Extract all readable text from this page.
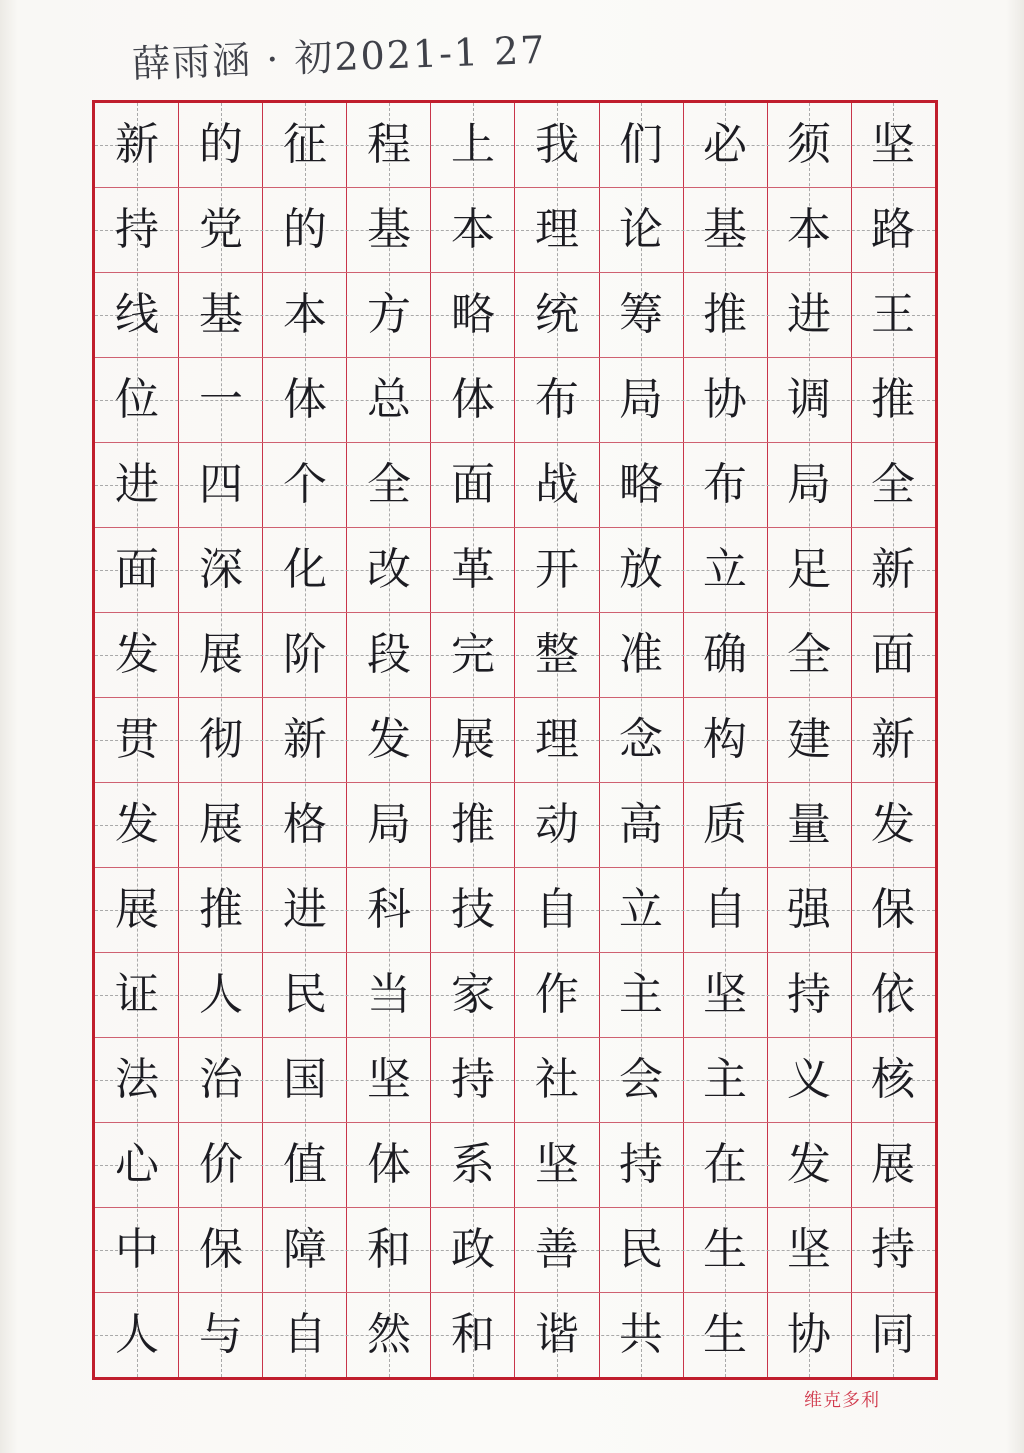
薛雨涵 · 初2021-1 27
坚
路
王
推
全
新
面
新
发
保
依
核
展
持
同
须
本
进
调
局
足
全
建
量
强
持
义
发
坚
协
必
基
推
协
布
立
确
构
质
自
坚
主
在
生
生
们
论
筹
局
略
放
准
念
高
立
主
会
持
民
共
我
理
统
布
战
开
整
理
动
自
作
社
坚
善
谐
上
本
略
体
面
革
完
展
推
技
家
持
系
政
和
程
基
方
总
全
改
段
发
局
科
当
坚
体
和
然
征
的
本
体
个
化
阶
新
格
进
民
国
值
障
自
的
党
基
一
四
深
展
彻
展
推
人
治
价
保
与
新
持
线
位
进
面
发
贯
发
展
证
法
心
中
人
维克多利
